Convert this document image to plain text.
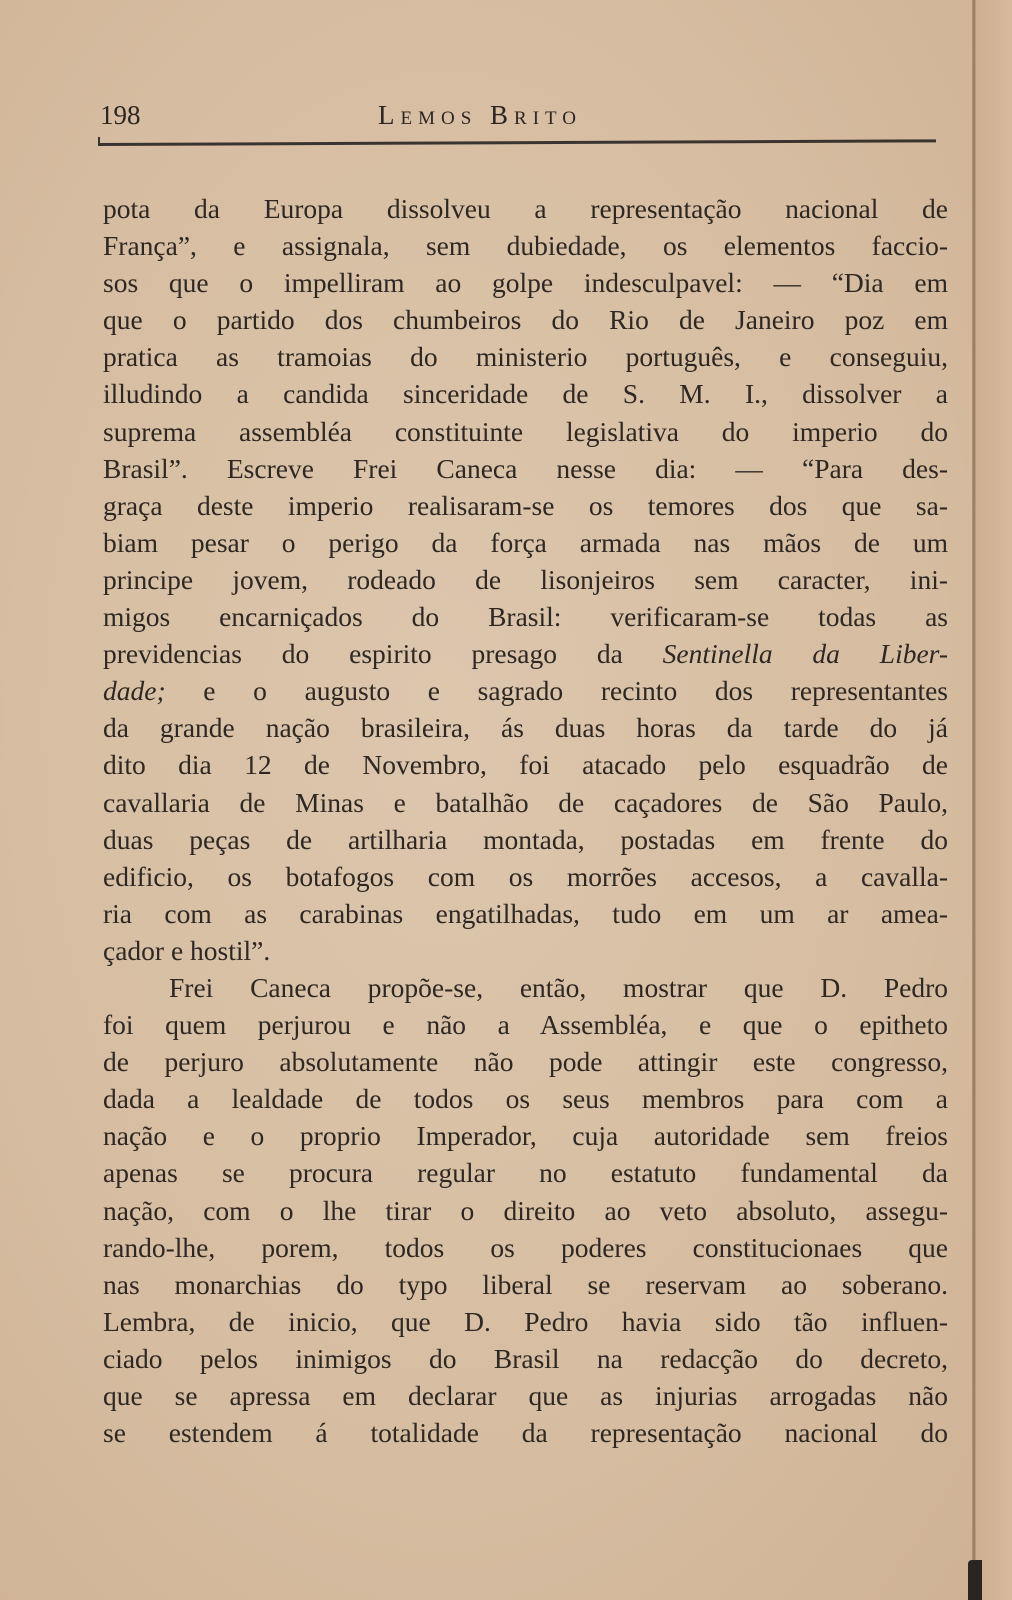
198	Lemos Brito
pota da Europa dissolveu a representação nacional de
França”, e assignala, sem dubiedade, os elementos faccio-
sos que o impelliram ao golpe indesculpavel: — “Dia em
que o partido dos chumbeiros do Rio de Janeiro poz em
pratica as tramoias do ministerio português, e conseguiu,
illudindo a candida sinceridade de S. M. I., dissolver a
suprema assembléa constituinte legislativa do imperio do
Brasil”. Escreve Frei Caneca nesse dia: — “Para des-
graça deste imperio realisaram-se os temores dos que sa-
biam pesar o perigo da força armada nas mãos de um
principe jovem, rodeado de lisonjeiros sem caracter, ini-
migos encarniçados do Brasil: verificaram-se todas as
previdencias do espirito presago da Sentinella da Liber-
dade; e o augusto e sagrado recinto dos representantes
da grande nação brasileira, ás duas horas da tarde do já
dito dia 12 de Novembro, foi atacado pelo esquadrão de
cavallaria de Minas e batalhão de caçadores de São Paulo,
duas peças de artilharia montada, postadas em frente do
edificio, os botafogos com os morrões accesos, a cavalla-
ria com as carabinas engatilhadas, tudo em um ar amea-
çador e hostil”.
Frei Caneca propõe-se, então, mostrar que D. Pedro
foi quem perjurou e não a Assembléa, e que o epitheto
de perjuro absolutamente não pode attingir este congresso,
dada a lealdade de todos os seus membros para com a
nação e o proprio Imperador, cuja autoridade sem freios
apenas se procura regular no estatuto fundamental da
nação, com o lhe tirar o direito ao veto absoluto, assegu-
rando-lhe, porem, todos os poderes constitucionaes que
nas monarchias do typo liberal se reservam ao soberano.
Lembra, de inicio, que D. Pedro havia sido tão influen-
ciado pelos inimigos do Brasil na redacção do decreto,
que se apressa em declarar que as injurias arrogadas não
se estendem á totalidade da representação nacional do
